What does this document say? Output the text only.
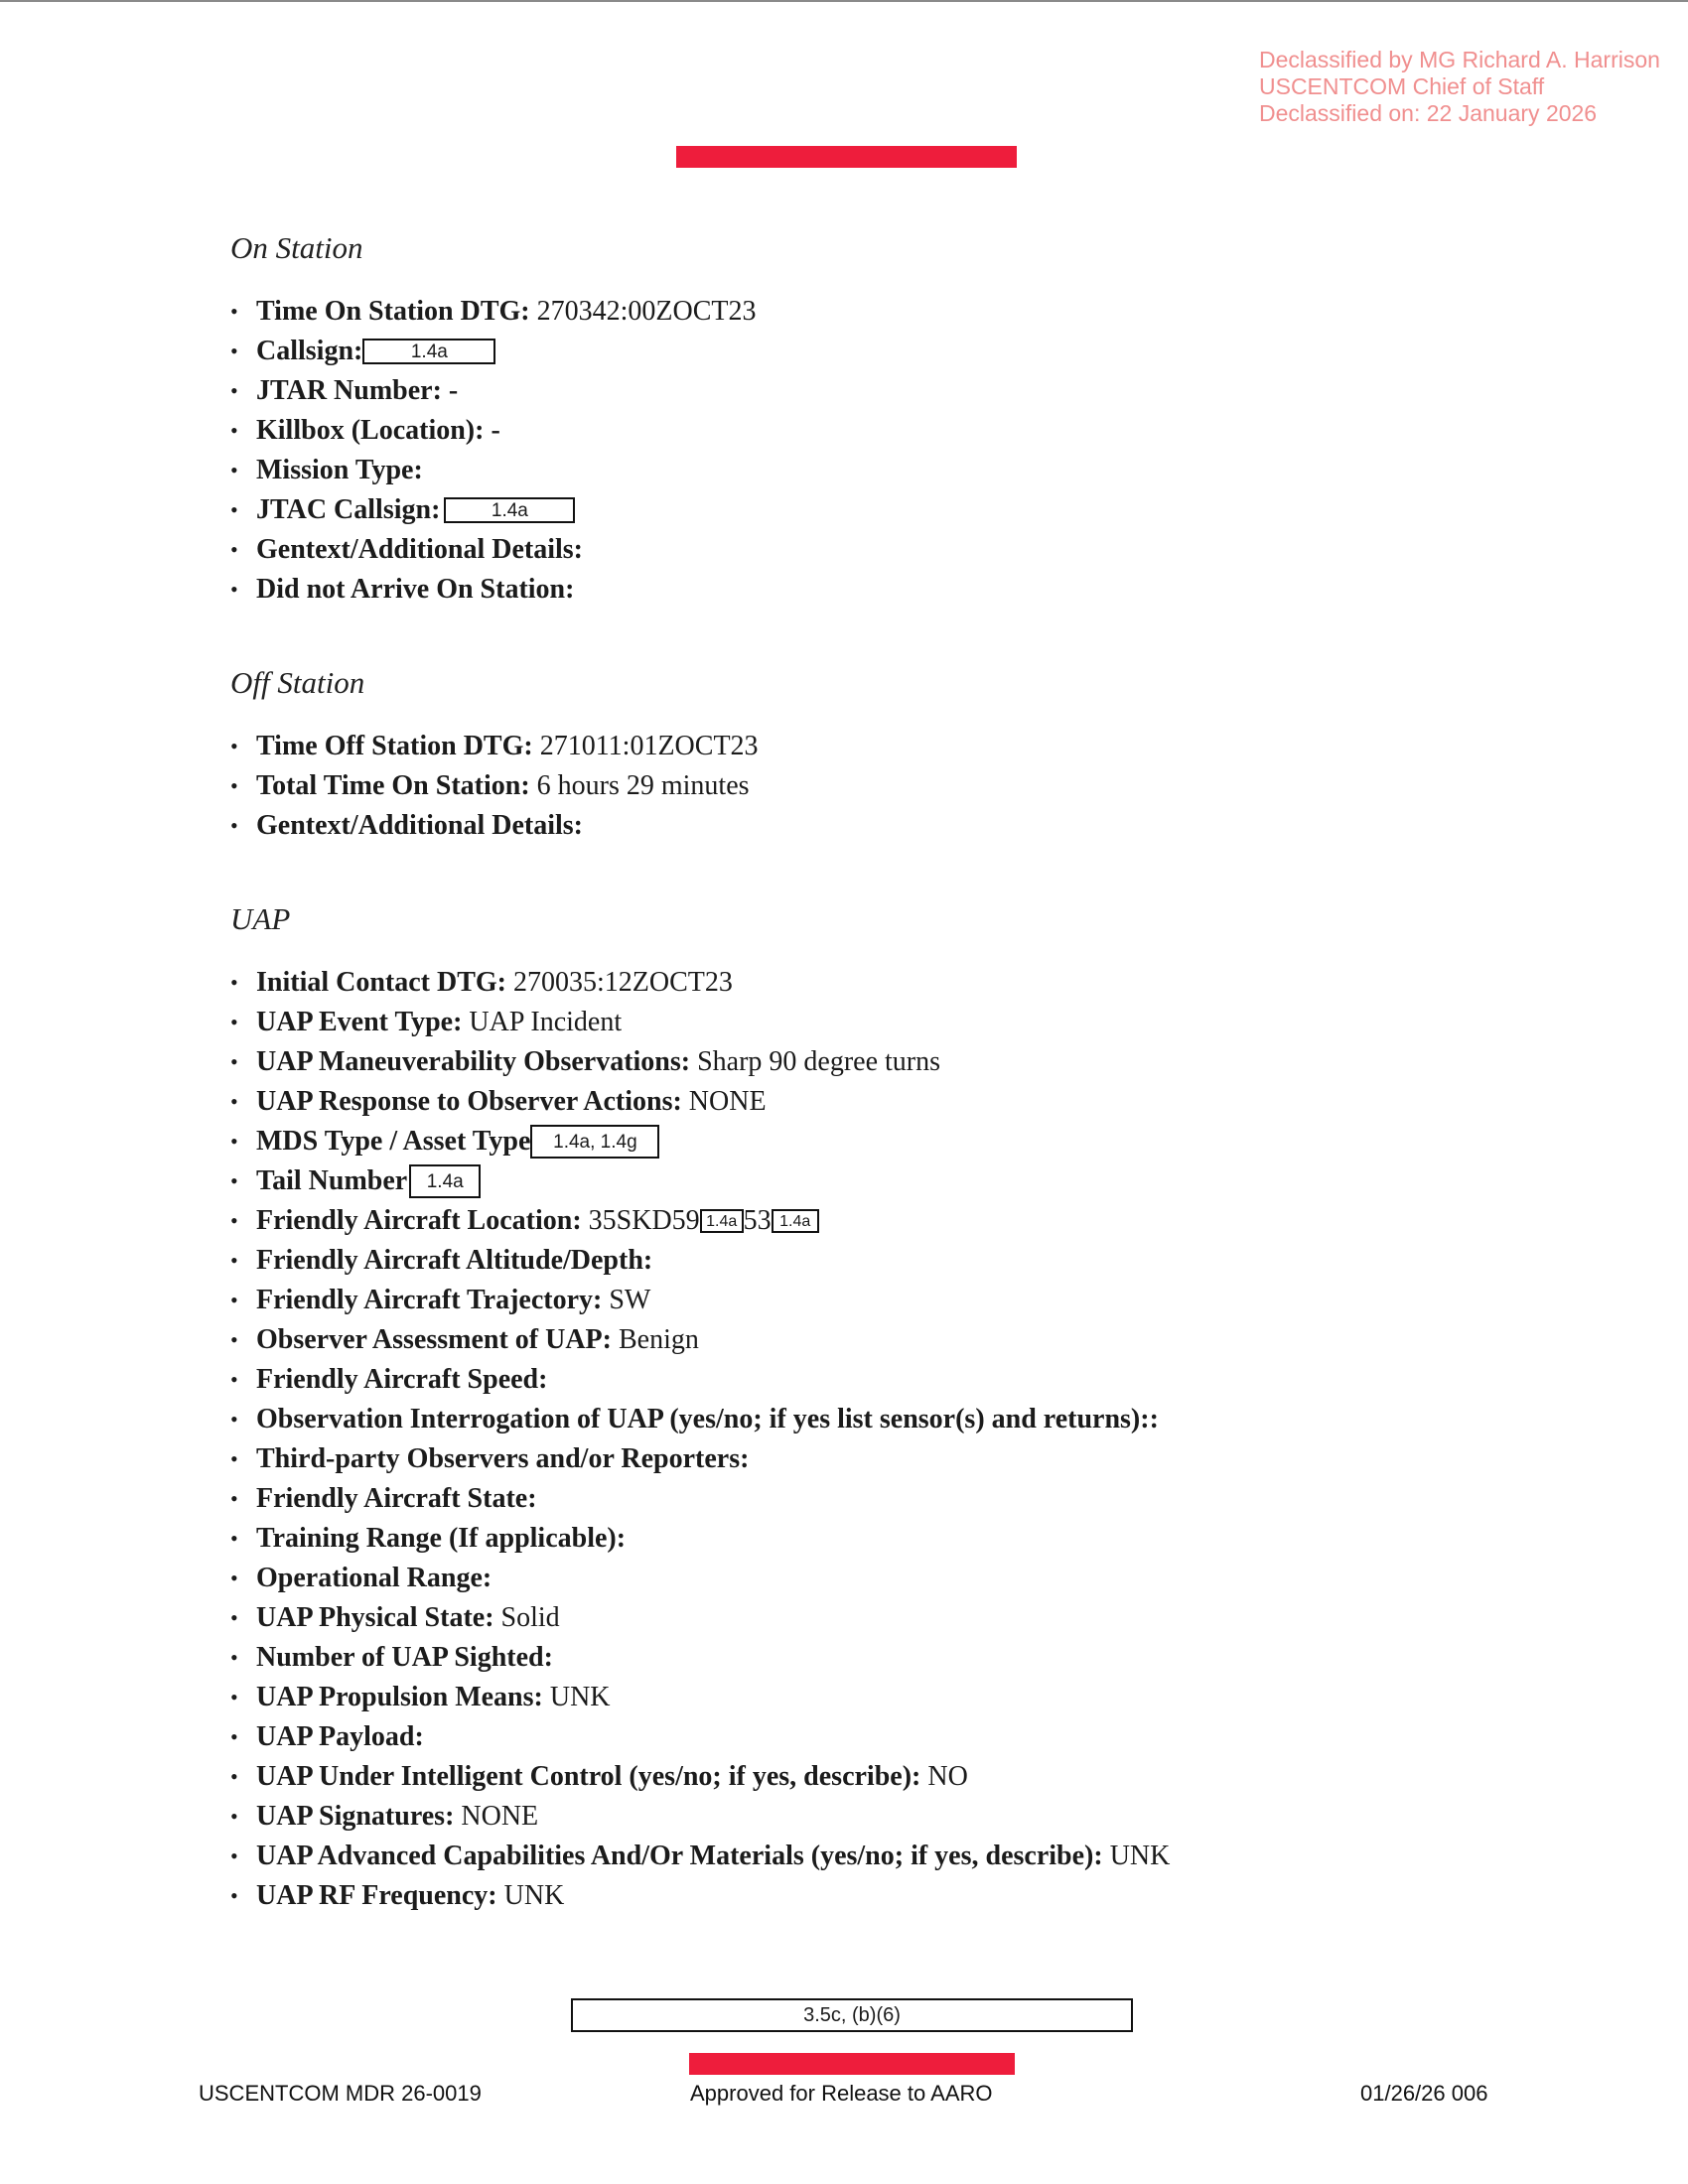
Declassified by MG Richard A. Harrison
USCENTCOM Chief of Staff
Declassified on: 22 January 2026
On Station
• Time On Station DTG: 270342:00ZOCT23
• Callsign:	1.4a
• JTAR Number: -
• Killbox (Location): -
• Mission Type:
• JTAC Callsign:	1.4a
• Gentext/Additional Details:
• Did not Arrive On Station:
Off Station
• Time Off Station DTG: 271011:01ZOCT23
• Total Time On Station: 6 hours 29 minutes
• Gentext/Additional Details:
UAP
• Initial Contact DTG: 270035:12ZOCT23
• UAP Event Type: UAP Incident
• UAP Maneuverability Observations: Sharp 90 degree turns
• UAP Response to Observer Actions: NONE
• MDS Type / Asset Type 1.4a, 1.4g
• Tail Number 1.4a
• Friendly Aircraft Location: 35SKD59 1.4a 53 1.4a
• Friendly Aircraft Altitude/Depth:
• Friendly Aircraft Trajectory: SW
• Observer Assessment of UAP: Benign
• Friendly Aircraft Speed:
• Observation Interrogation of UAP (yes/no; if yes list sensor(s) and returns)::
• Third-party Observers and/or Reporters:
• Friendly Aircraft State:
• Training Range (If applicable):
• Operational Range:
• UAP Physical State: Solid
• Number of UAP Sighted:
• UAP Propulsion Means: UNK
• UAP Payload:
• UAP Under Intelligent Control (yes/no; if yes, describe): NO
• UAP Signatures: NONE
• UAP Advanced Capabilities And/Or Materials (yes/no; if yes, describe): UNK
• UAP RF Frequency: UNK
3.5c, (b)(6)
USCENTCOM MDR 26-0019	Approved for Release to AARO	01/26/26 006
